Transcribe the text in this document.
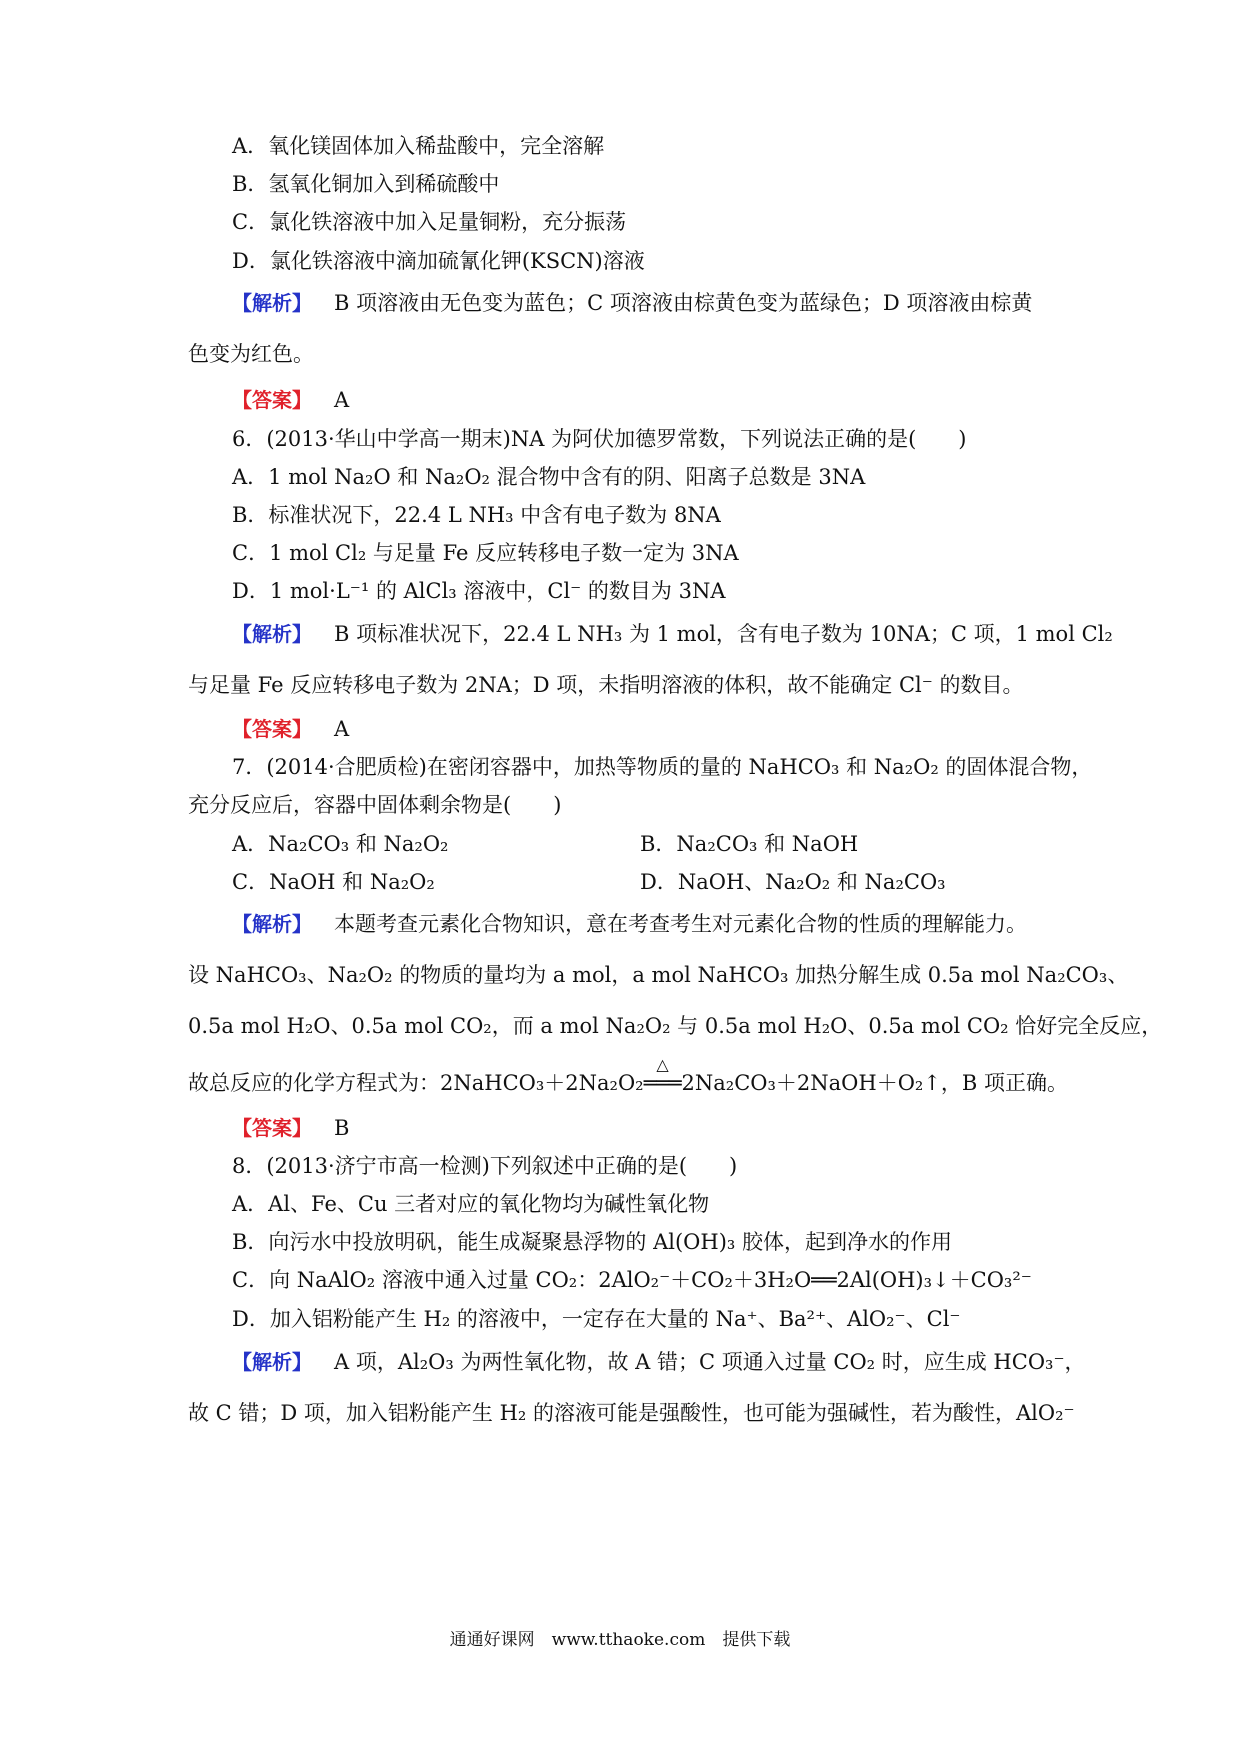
A．氧化镁固体加入稀盐酸中，完全溶解
B．氢氧化铜加入到稀硫酸中
C．氯化铁溶液中加入足量铜粉，充分振荡
D．氯化铁溶液中滴加硫氰化钾(KSCN)溶液
【解析】 B 项溶液由无色变为蓝色；C 项溶液由棕黄色变为蓝绿色；D 项溶液由棕黄
色变为红色。
【答案】 A
6．(2013·华山中学高一期末)NA 为阿伏加德罗常数，下列说法正确的是(　　)
A．1 mol Na₂O 和 Na₂O₂ 混合物中含有的阴、阳离子总数是 3NA
B．标准状况下，22.4 L NH₃ 中含有电子数为 8NA
C．1 mol Cl₂ 与足量 Fe 反应转移电子数一定为 3NA
D．1 mol·L⁻¹ 的 AlCl₃ 溶液中，Cl⁻ 的数目为 3NA
【解析】 B 项标准状况下，22.4 L NH₃ 为 1 mol，含有电子数为 10NA；C 项，1 mol Cl₂
与足量 Fe 反应转移电子数为 2NA；D 项，未指明溶液的体积，故不能确定 Cl⁻ 的数目。
【答案】 A
7．(2014·合肥质检)在密闭容器中，加热等物质的量的 NaHCO₃ 和 Na₂O₂ 的固体混合物，
充分反应后，容器中固体剩余物是(　　)
A．Na₂CO₃ 和 Na₂O₂	B．Na₂CO₃ 和 NaOH
C．NaOH 和 Na₂O₂	D．NaOH、Na₂O₂ 和 Na₂CO₃
【解析】 本题考查元素化合物知识，意在考查考生对元素化合物的性质的理解能力。
设 NaHCO₃、Na₂O₂ 的物质的量均为 a mol，a mol NaHCO₃ 加热分解生成 0.5a mol Na₂CO₃、
0.5a mol H₂O、0.5a mol CO₂，而 a mol Na₂O₂ 与 0.5a mol H₂O、0.5a mol CO₂ 恰好完全反应，
故总反应的化学方程式为：2NaHCO₃＋2Na₂O₂
△
═══2Na₂CO₃＋2NaOH＋O₂↑，B 项正确。
【答案】 B
8．(2013·济宁市高一检测)下列叙述中正确的是(　　)
A．Al、Fe、Cu 三者对应的氧化物均为碱性氧化物
B．向污水中投放明矾，能生成凝聚悬浮物的 Al(OH)₃ 胶体，起到净水的作用
C．向 NaAlO₂ 溶液中通入过量 CO₂：2AlO₂⁻＋CO₂＋3H₂O══2Al(OH)₃↓＋CO₃²⁻
D．加入铝粉能产生 H₂ 的溶液中，一定存在大量的 Na⁺、Ba²⁺、AlO₂⁻、Cl⁻
【解析】 A 项，Al₂O₃ 为两性氧化物，故 A 错；C 项通入过量 CO₂ 时，应生成 HCO₃⁻，
故 C 错；D 项，加入铝粉能产生 H₂ 的溶液可能是强酸性，也可能为强碱性，若为酸性，AlO₂⁻
通通好课网　www.tthaoke.com　提供下载
